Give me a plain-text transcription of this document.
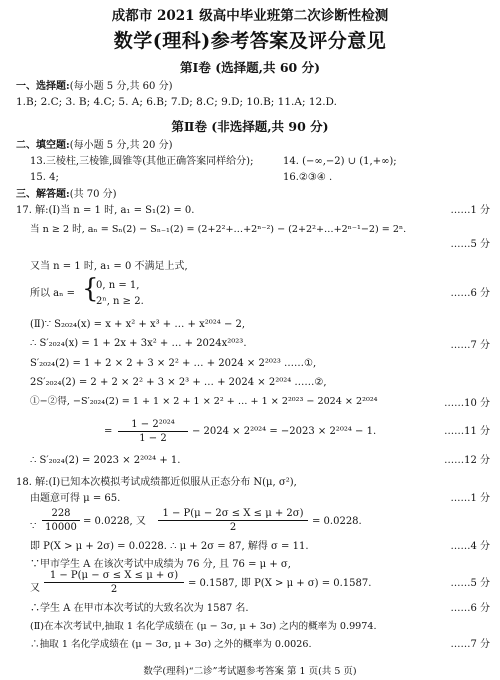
成都市 2021 级高中毕业班第二次诊断性检测
数学(理科)参考答案及评分意见
第Ⅰ卷 (选择题,共 60 分)
一、选择题:(每小题 5 分,共 60 分)
1.B; 2.C; 3. B; 4.C; 5. A; 6.B; 7.D; 8.C; 9.D; 10.B; 11.A; 12.D.
第Ⅱ卷 (非选择题,共 90 分)
二、填空题:(每小题 5 分,共 20 分)
13.三棱柱,三棱锥,圆锥等(其他正确答案同样给分);	14. (−∞,−2) ∪ (1,+∞);
15. 4;	16.②③④ .
三、解答题:(共 70 分)
17. 解:(Ⅰ)当 n = 1 时, a₁ = S₁(2) = 0.	……1 分
当 n ≥ 2 时, aₙ = Sₙ(2) − Sₙ₋₁(2) = (2+2²+…+2ⁿ⁻²) − (2+2²+…+2ⁿ⁻¹−2) = 2ⁿ.
……5 分
又当 n = 1 时, a₁ = 0 不满足上式,
所以 aₙ = {
0, n = 1,
2ⁿ, n ≥ 2.
……6 分
(Ⅱ)∵ S₂₀₂₄(x) = x + x² + x³ + … + x²⁰²⁴ − 2,
∴ S′₂₀₂₄(x) = 1 + 2x + 3x² + … + 2024x²⁰²³.	……7 分
S′₂₀₂₄(2) = 1 + 2 × 2 + 3 × 2² + … + 2024 × 2²⁰²³ ……①,
2S′₂₀₂₄(2) = 2 + 2 × 2² + 3 × 2³ + … + 2024 × 2²⁰²⁴ ……②,
①−②得, −S′₂₀₂₄(2) = 1 + 1 × 2 + 1 × 2² + … + 1 × 2²⁰²³ − 2024 × 2²⁰²⁴	……10 分
1 − 2²⁰²⁴
1 − 2
=	− 2024 × 2²⁰²⁴ = −2023 × 2²⁰²⁴ − 1.	……11 分
∴ S′₂₀₂₄(2) = 2023 × 2²⁰²⁴ + 1.	……12 分
18. 解:(Ⅰ)已知本次模拟考试成绩都近似服从正态分布 N(μ, σ²),
由题意可得 μ = 65.	……1 分
∵
228
10000
= 0.0228, 又
1 − P(μ − 2σ ≤ X ≤ μ + 2σ)
2
= 0.0228.
即 P(X > μ + 2σ) = 0.0228. ∴ μ + 2σ = 87, 解得 σ = 11.	……4 分
∵甲市学生 A 在该次考试中成绩为 76 分, 且 76 = μ + σ,
又
1 − P(μ − σ ≤ X ≤ μ + σ)
2
= 0.1587, 即 P(X > μ + σ) = 0.1587.	……5 分
∴学生 A 在甲市本次考试的大致名次为 1587 名.	……6 分
(Ⅱ)在本次考试中,抽取 1 名化学成绩在 (μ − 3σ, μ + 3σ) 之内的概率为 0.9974.
∴抽取 1 名化学成绩在 (μ − 3σ, μ + 3σ) 之外的概率为 0.0026.	……7 分
数学(理科)“二诊”考试题参考答案 第 1 页(共 5 页)
